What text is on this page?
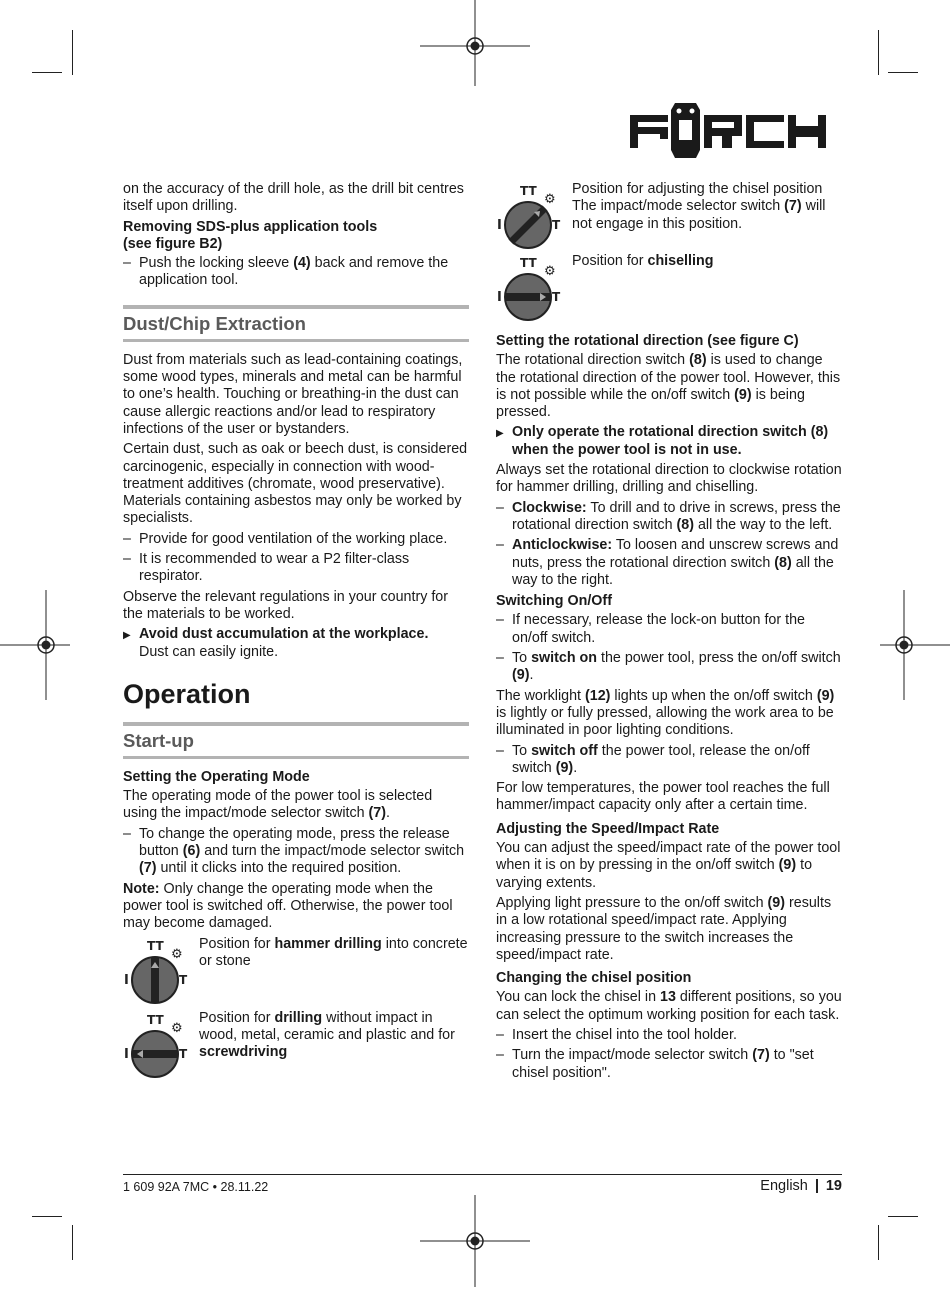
on the accuracy of the drill hole, as the drill bit centres itself upon drilling.

Removing SDS-plus application tools
(see figure B2)

– Push the locking sleeve (4) back and remove the application tool.

Dust/Chip Extraction

Dust from materials such as lead-containing coatings, some wood types, minerals and metal can be harmful to one’s health. Touching or breathing-in the dust can cause allergic reactions and/or lead to respiratory infections of the user or bystanders.

Certain dust, such as oak or beech dust, is considered carcinogenic, especially in connection with wood-treatment additives (chromate, wood preservative). Materials containing asbestos may only be worked by specialists.

– Provide for good ventilation of the working place.

– It is recommended to wear a P2 filter-class respirator.

Observe the relevant regulations in your country for the materials to be worked.

▶ Avoid dust accumulation at the workplace.
Dust can easily ignite.

Operation
Start-up
Setting the Operating Mode

The operating mode of the power tool is selected using the impact/mode selector switch (7).

– To change the operating mode, press the release button (6) and turn the impact/mode selector switch (7) until it clicks into the required position.

Note: Only change the operating mode when the power tool is switched off. Otherwise, the power tool may become damaged.

TT
⚙
I	T
Position for hammer drilling into concrete or stone
TT
⚙
I	T
Position for drilling without impact in wood, metal, ceramic and plastic and for screwdriving
TT
⚙
I	T
Position for adjusting the chisel position
The impact/mode selector switch (7) will not engage in this position.
TT
⚙
I	T
Position for chiselling
Setting the rotational direction (see figure C)

The rotational direction switch (8) is used to change the rotational direction of the power tool. However, this is not possible while the on/off switch (9) is being pressed.

▶ Only operate the rotational direction switch (8) when the power tool is not in use.

Always set the rotational direction to clockwise rotation for hammer drilling, drilling and chiselling.

– Clockwise: To drill and to drive in screws, press the rotational direction switch (8) all the way to the left.

– Anticlockwise: To loosen and unscrew screws and nuts, press the rotational direction switch (8) all the way to the right.

Switching On/Off

– If necessary, release the lock-on button for the on/off switch.

– To switch on the power tool, press the on/off switch (9).

The worklight (12) lights up when the on/off switch (9) is lightly or fully pressed, allowing the work area to be illuminated in poor lighting conditions.

– To switch off the power tool, release the on/off switch (9).

For low temperatures, the power tool reaches the full hammer/impact capacity only after a certain time.

Adjusting the Speed/Impact Rate

You can adjust the speed/impact rate of the power tool when it is on by pressing in the on/off switch (9) to varying extents.

Applying light pressure to the on/off switch (9) results in a low rotational speed/impact rate. Applying increasing pressure to the switch increases the speed/impact rate.

Changing the chisel position

You can lock the chisel in 13 different positions, so you can select the optimum working position for each task.

– Insert the chisel into the tool holder.

– Turn the impact/mode selector switch (7) to "set chisel position".

1 609 92A 7MC • 28.11.22	English 19
